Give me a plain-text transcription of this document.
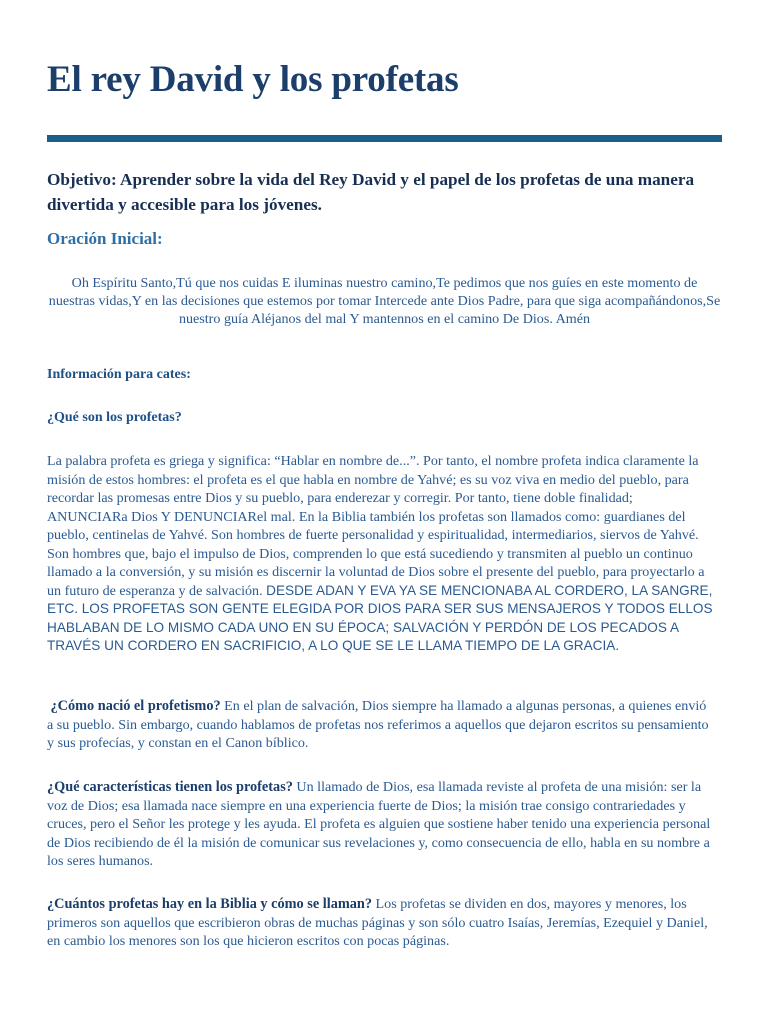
El rey David y los profetas

Objetivo: Aprender sobre la vida del Rey David y el papel de los profetas de una manera divertida y accesible para los jóvenes.

Oración Inicial:

Oh Espíritu Santo,Tú que nos cuidas E iluminas nuestro camino,Te pedimos que nos guíes en este momento de nuestras vidas,Y en las decisiones que estemos por tomar Intercede ante Dios Padre, para que siga acompañándonos,Se nuestro guía Aléjanos del mal Y mantennos en el camino De Dios. Amén

Información para cates:
¿Qué son los profetas?

La palabra profeta es griega y significa: “Hablar en nombre de...”. Por tanto, el nombre profeta indica claramente la misión de estos hombres: el profeta es el que habla en nombre de Yahvé; es su voz viva en medio del pueblo, para recordar las promesas entre Dios y su pueblo, para enderezar y corregir. Por tanto, tiene doble finalidad; ANUNCIARa Dios Y DENUNCIARel mal. En la Biblia también los profetas son llamados como: guardianes del pueblo, centinelas de Yahvé. Son hombres de fuerte personalidad y espiritualidad, intermediarios, siervos de Yahvé. Son hombres que, bajo el impulso de Dios, comprenden lo que está sucediendo y transmiten al pueblo un continuo llamado a la conversión, y su misión es discernir la voluntad de Dios sobre el presente del pueblo, para proyectarlo a un futuro de esperanza y de salvación. DESDE ADAN Y EVA YA SE MENCIONABA AL CORDERO, LA SANGRE, ETC. LOS PROFETAS SON GENTE ELEGIDA POR DIOS PARA SER SUS MENSAJEROS Y TODOS ELLOS HABLABAN DE LO MISMO CADA UNO EN SU ÉPOCA; SALVACIÓN Y PERDÓN DE LOS PECADOS A TRAVÉS UN CORDERO EN SACRIFICIO, A LO QUE SE LE LLAMA TIEMPO DE LA GRACIA.

¿Cómo nació el profetismo? En el plan de salvación, Dios siempre ha llamado a algunas personas, a quienes envió a su pueblo. Sin embargo, cuando hablamos de profetas nos referimos a aquellos que dejaron escritos su pensamiento y sus profecías, y constan en el Canon bíblico.

¿Qué características tienen los profetas? Un llamado de Dios, esa llamada reviste al profeta de una misión: ser la voz de Dios; esa llamada nace siempre en una experiencia fuerte de Dios; la misión trae consigo contrariedades y cruces, pero el Señor les protege y les ayuda. El profeta es alguien que sostiene haber tenido una experiencia personal de Dios recibiendo de él la misión de comunicar sus revelaciones y, como consecuencia de ello, habla en su nombre a los seres humanos.

¿Cuántos profetas hay en la Biblia y cómo se llaman? Los profetas se dividen en dos, mayores y menores, los primeros son aquellos que escribieron obras de muchas páginas y son sólo cuatro Isaías, Jeremías, Ezequiel y Daniel, en cambio los menores son los que hicieron escritos con pocas páginas.
